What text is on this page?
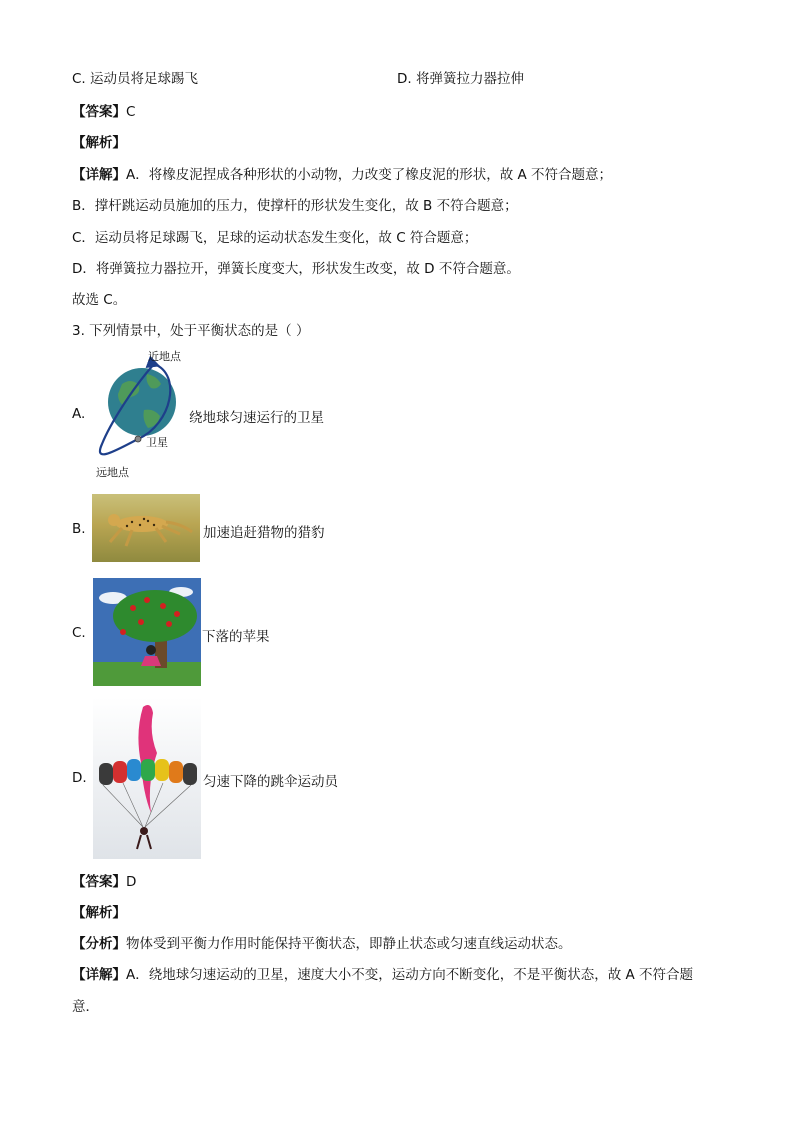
C. 运动员将足球踢飞	D. 将弹簧拉力器拉伸
【答案】C
【解析】
【详解】A．将橡皮泥捏成各种形状的小动物，力改变了橡皮泥的形状，故 A 不符合题意；
B．撑杆跳运动员施加的压力，使撑杆的形状发生变化，故 B 不符合题意；
C．运动员将足球踢飞，足球的运动状态发生变化，故 C 符合题意；
D．将弹簧拉力器拉开，弹簧长度变大，形状发生改变，故 D 不符合题意。
故选 C。
3. 下列情景中，处于平衡状态的是（ ）
A.
近地点
卫星
远地点
绕地球匀速运行的卫星
B.	加速追赶猎物的猎豹
C.	下落的苹果
D.	匀速下降的跳伞运动员
【答案】D
【解析】
【分析】物体受到平衡力作用时能保持平衡状态，即静止状态或匀速直线运动状态。
【详解】A．绕地球匀速运动的卫星，速度大小不变，运动方向不断变化，不是平衡状态，故 A 不符合题
意．
